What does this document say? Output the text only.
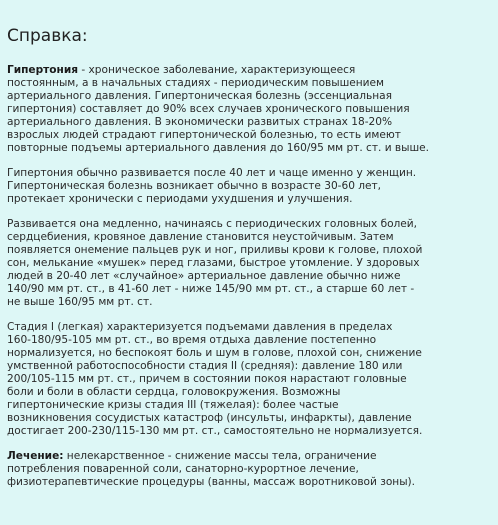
Справка:
Гипертония - хроническое заболевание, характеризующееся
постоянным, а в начальных стадиях - периодическим повышением
артериального давления. Гипертоническая болезнь (эссенциальная
гипертония) составляет до 90% всех случаев хронического повышения
артериального давления. В экономически развитых странах 18-20%
взрослых людей страдают гипертонической болезнью, то есть имеют
повторные подъемы артериального давления до 160/95 мм рт. ст. и выше.
Гипертония обычно развивается после 40 лет и чаще именно у женщин.
Гипертоническая болезнь возникает обычно в возрасте 30-60 лет,
протекает хронически с периодами ухудшения и улучшения.
Развивается она медленно, начинаясь с периодических головных болей,
сердцебиения, кровяное давление становится неустойчивым. Затем
появляется онемение пальцев рук и ног, приливы крови к голове, плохой
сон, мелькание «мушек» перед глазами, быстрое утомление. У здоровых
людей в 20-40 лет «случайное» артериальное давление обычно ниже
140/90 мм рт. ст., в 41-60 лет - ниже 145/90 мм рт. ст., а старше 60 лет -
не выше 160/95 мм рт. ст.
Стадия I (легкая) характеризуется подъемами давления в пределах
160-180/95-105 мм рт. ст., во время отдыха давление постепенно
нормализуется, но беспокоят боль и шум в голове, плохой сон, снижение
умственной работоспособности стадия II (средняя): давление 180 или
200/105-115 мм рт. ст., причем в состоянии покоя нарастают головные
боли и боли в области сердца, головокружения. Возможны
гипертонические кризы стадия III (тяжелая): более частые
возникновения сосудистых катастроф (инсульты, инфаркты), давление
достигает 200-230/115-130 мм рт. ст., самостоятельно не нормализуется.
Лечение: нелекарственное - снижение массы тела, ограничение
потребления поваренной соли, санаторно-курортное лечение,
физиотерапевтические процедуры (ванны, массаж воротниковой зоны).
